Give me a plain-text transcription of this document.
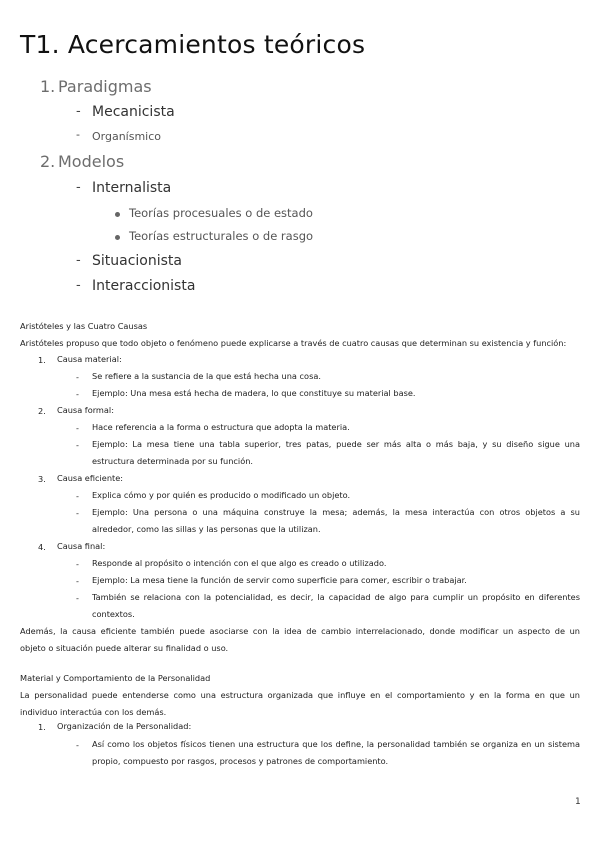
T1. Acercamientos teóricos
1. Paradigmas
- Mecanicista
- Organísmico
2. Modelos
- Internalista
Teorías procesuales o de estado
Teorías estructurales o de rasgo
- Situacionista
- Interaccionista
Aristóteles y las Cuatro Causas
Aristóteles propuso que todo objeto o fenómeno puede explicarse a través de cuatro causas que determinan su existencia y función:
1. Causa material:
- Se refiere a la sustancia de la que está hecha una cosa.
- Ejemplo: Una mesa está hecha de madera, lo que constituye su material base.
2. Causa formal:
- Hace referencia a la forma o estructura que adopta la materia.
- Ejemplo: La mesa tiene una tabla superior, tres patas, puede ser más alta o más baja, y su diseño sigue una
estructura determinada por su función.
3. Causa eficiente:
- Explica cómo y por quién es producido o modificado un objeto.
- Ejemplo: Una persona o una máquina construye la mesa; además, la mesa interactúa con otros objetos a su
alrededor, como las sillas y las personas que la utilizan.
4. Causa final:
- Responde al propósito o intención con el que algo es creado o utilizado.
- Ejemplo: La mesa tiene la función de servir como superficie para comer, escribir o trabajar.
- También se relaciona con la potencialidad, es decir, la capacidad de algo para cumplir un propósito en diferentes
contextos.
Además, la causa eficiente también puede asociarse con la idea de cambio interrelacionado, donde modificar un aspecto de un
objeto o situación puede alterar su finalidad o uso.
Material y Comportamiento de la Personalidad
La personalidad puede entenderse como una estructura organizada que influye en el comportamiento y en la forma en que un
individuo interactúa con los demás.
1. Organización de la Personalidad:
- Así como los objetos físicos tienen una estructura que los define, la personalidad también se organiza en un sistema
propio, compuesto por rasgos, procesos y patrones de comportamiento.
1
